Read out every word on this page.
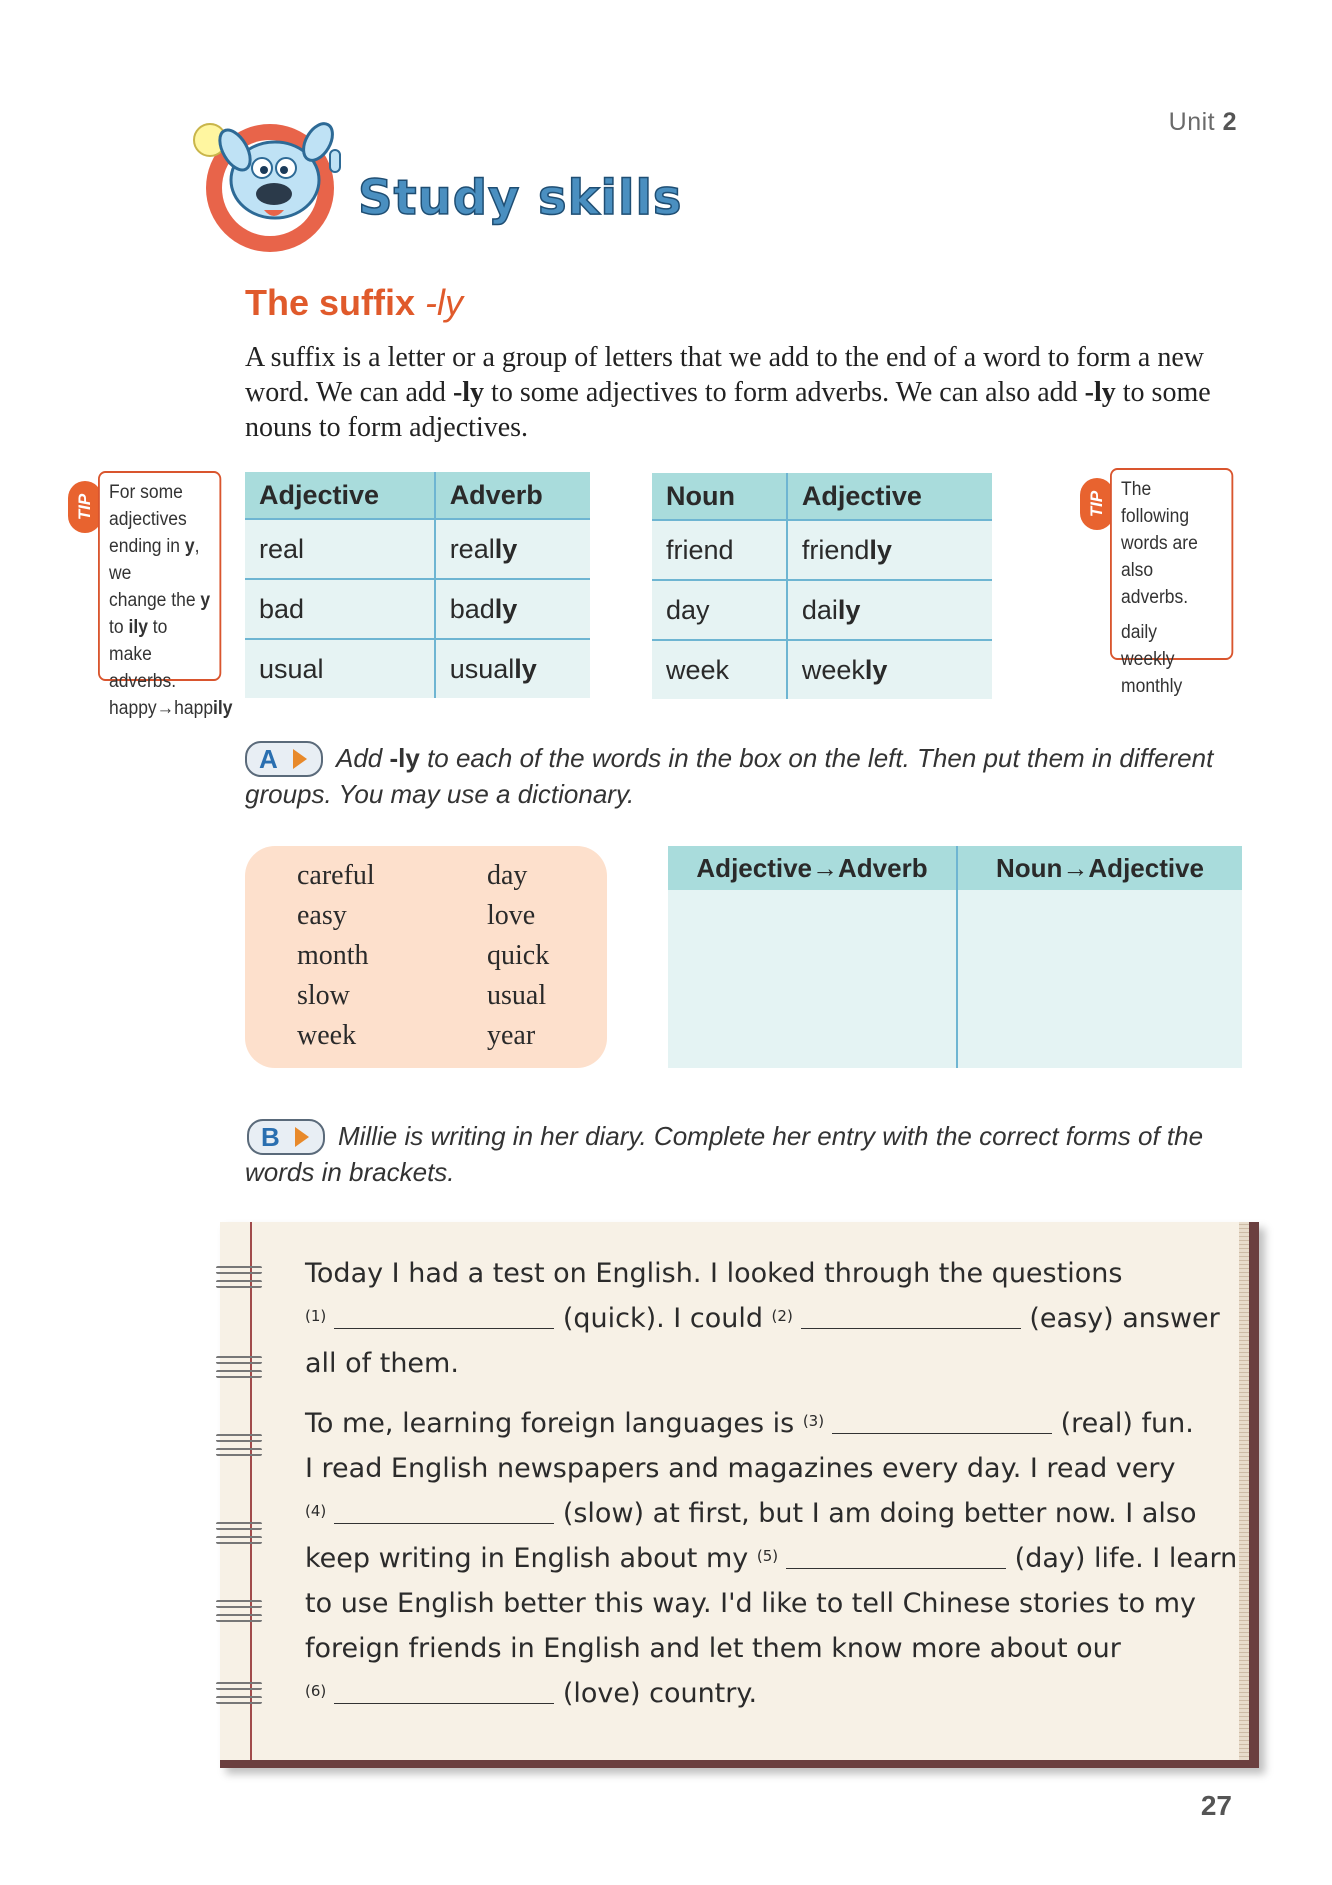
Unit 2
Study skills
The suffix -ly
A suffix is a letter or a group of letters that we add to the end of a word to form a new word. We can add -ly to some adjectives to form adverbs. We can also add -ly to some nouns to form adjectives.
TIP
For some
adjectives
ending in y, we
change the y
to ily to make
adverbs.
happy→happily
Adjective	Adverb
real	really
bad	badly
usual	usually
Noun	Adjective
friend	friendly
day	daily
week	weekly
TIP
The following
words are also
adverbs.
daily
weekly
monthly
A	Add -ly to each of the words in the box on the left. Then put them in different
groups. You may use a dictionary.
careful
easy
month
slow
week
day
love
quick
usual
year
Adjective→Adverb	Noun→Adjective
B	Millie is writing in her diary. Complete her entry with the correct forms of the
words in brackets.
Today I had a test on English. I looked through the questions
$^{(1)}$	(quick). I could $^{(2)}$	(easy) answer
all of them.
To me, learning foreign languages is $^{(3)}$	(real) fun.
I read English newspapers and magazines every day. I read very
$^{(4)}$	(slow) at first, but I am doing better now. I also
keep writing in English about my $^{(5)}$	(day) life. I learn
to use English better this way. I'd like to tell Chinese stories to my
foreign friends in English and let them know more about our
$^{(6)}$	(love) country.
27
